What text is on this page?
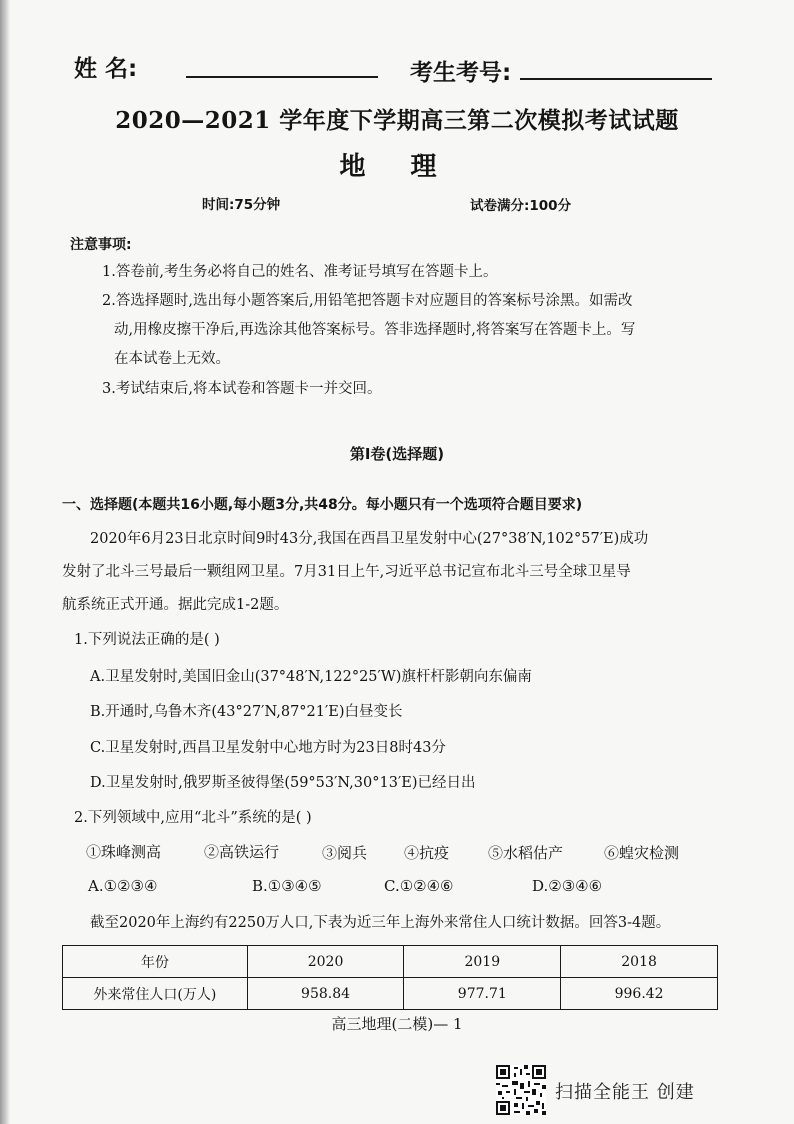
姓 名:	考生考号:
2020—2021 学年度下学期高三第二次模拟考试试题
地 理
时间:75分钟	试卷满分:100分
注意事项:
1.答卷前,考生务必将自己的姓名、准考证号填写在答题卡上。
2.答选择题时,选出每小题答案后,用铅笔把答题卡对应题目的答案标号涂黑。如需改
动,用橡皮擦干净后,再选涂其他答案标号。答非选择题时,将答案写在答题卡上。写
在本试卷上无效。
3.考试结束后,将本试卷和答题卡一并交回。
第I卷(选择题)
一、选择题(本题共16小题,每小题3分,共48分。每小题只有一个选项符合题目要求)
2020年6月23日北京时间9时43分,我国在西昌卫星发射中心(27°38′N,102°57′E)成功
发射了北斗三号最后一颗组网卫星。7月31日上午,习近平总书记宣布北斗三号全球卫星导
航系统正式开通。据此完成1-2题。
1.下列说法正确的是( )
A.卫星发射时,美国旧金山(37°48′N,122°25′W)旗杆杆影朝向东偏南
B.开通时,乌鲁木齐(43°27′N,87°21′E)白昼变长
C.卫星发射时,西昌卫星发射中心地方时为23日8时43分
D.卫星发射时,俄罗斯圣彼得堡(59°53′N,30°13′E)已经日出
2.下列领域中,应用“北斗”系统的是( )
①珠峰测高	②高铁运行	③阅兵 ④抗疫	⑤水稻估产	⑥蝗灾检测
A.①②③④	B.①③④⑤	C.①②④⑥	D.②③④⑥
截至2020年上海约有2250万人口,下表为近三年上海外来常住人口统计数据。回答3-4题。
年份	2020	2019	2018
外来常住人口(万人)	958.84	977.71	996.42
高三地理(二模)— 1
扫描全能王 创建
